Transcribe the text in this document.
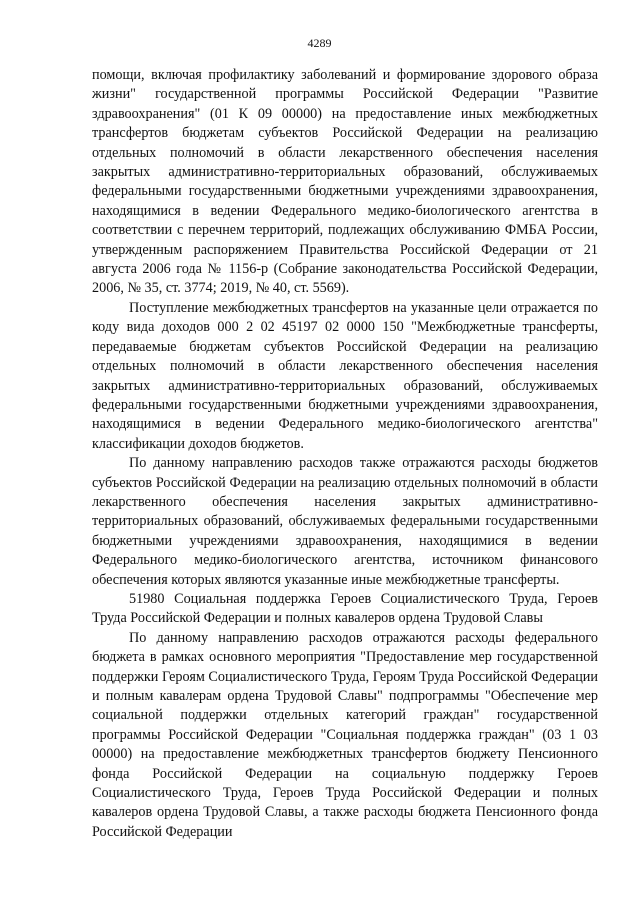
4289

помощи, включая профилактику заболеваний и формирование здорового образа жизни" государственной программы Российской Федерации "Развитие здравоохранения" (01 К 09 00000) на предоставление иных межбюджетных трансфертов бюджетам субъектов Российской Федерации на реализацию отдельных полномочий в области лекарственного обеспечения населения закрытых административно-территориальных образований, обслуживаемых федеральными государственными бюджетными учреждениями здравоохранения, находящимися в ведении Федерального медико-биологического агентства в соответствии с перечнем территорий, подлежащих обслуживанию ФМБА России, утвержденным распоряжением Правительства Российской Федерации от 21 августа 2006 года № 1156-р (Собрание законодательства Российской Федерации, 2006, № 35, ст. 3774; 2019, № 40, ст. 5569).

Поступление межбюджетных трансфертов на указанные цели отражается по коду вида доходов 000 2 02 45197 02 0000 150 "Межбюджетные трансферты, передаваемые бюджетам субъектов Российской Федерации на реализацию отдельных полномочий в области лекарственного обеспечения населения закрытых административно-территориальных образований, обслуживаемых федеральными государственными бюджетными учреждениями здравоохранения, находящимися в ведении Федерального медико-биологического агентства" классификации доходов бюджетов.

По данному направлению расходов также отражаются расходы бюджетов субъектов Российской Федерации на реализацию отдельных полномочий в области лекарственного обеспечения населения закрытых административно-территориальных образований, обслуживаемых федеральными государственными бюджетными учреждениями здравоохранения, находящимися в ведении Федерального медико-биологического агентства, источником финансового обеспечения которых являются указанные иные межбюджетные трансферты.

51980 Социальная поддержка Героев Социалистического Труда, Героев Труда Российской Федерации и полных кавалеров ордена Трудовой Славы

По данному направлению расходов отражаются расходы федерального бюджета в рамках основного мероприятия "Предоставление мер государственной поддержки Героям Социалистического Труда, Героям Труда Российской Федерации и полным кавалерам ордена Трудовой Славы" подпрограммы "Обеспечение мер социальной поддержки отдельных категорий граждан" государственной программы Российской Федерации "Социальная поддержка граждан" (03 1 03 00000) на предоставление межбюджетных трансфертов бюджету Пенсионного фонда Российской Федерации на социальную поддержку Героев Социалистического Труда, Героев Труда Российской Федерации и полных кавалеров ордена Трудовой Славы, а также расходы бюджета Пенсионного фонда Российской Федерации
